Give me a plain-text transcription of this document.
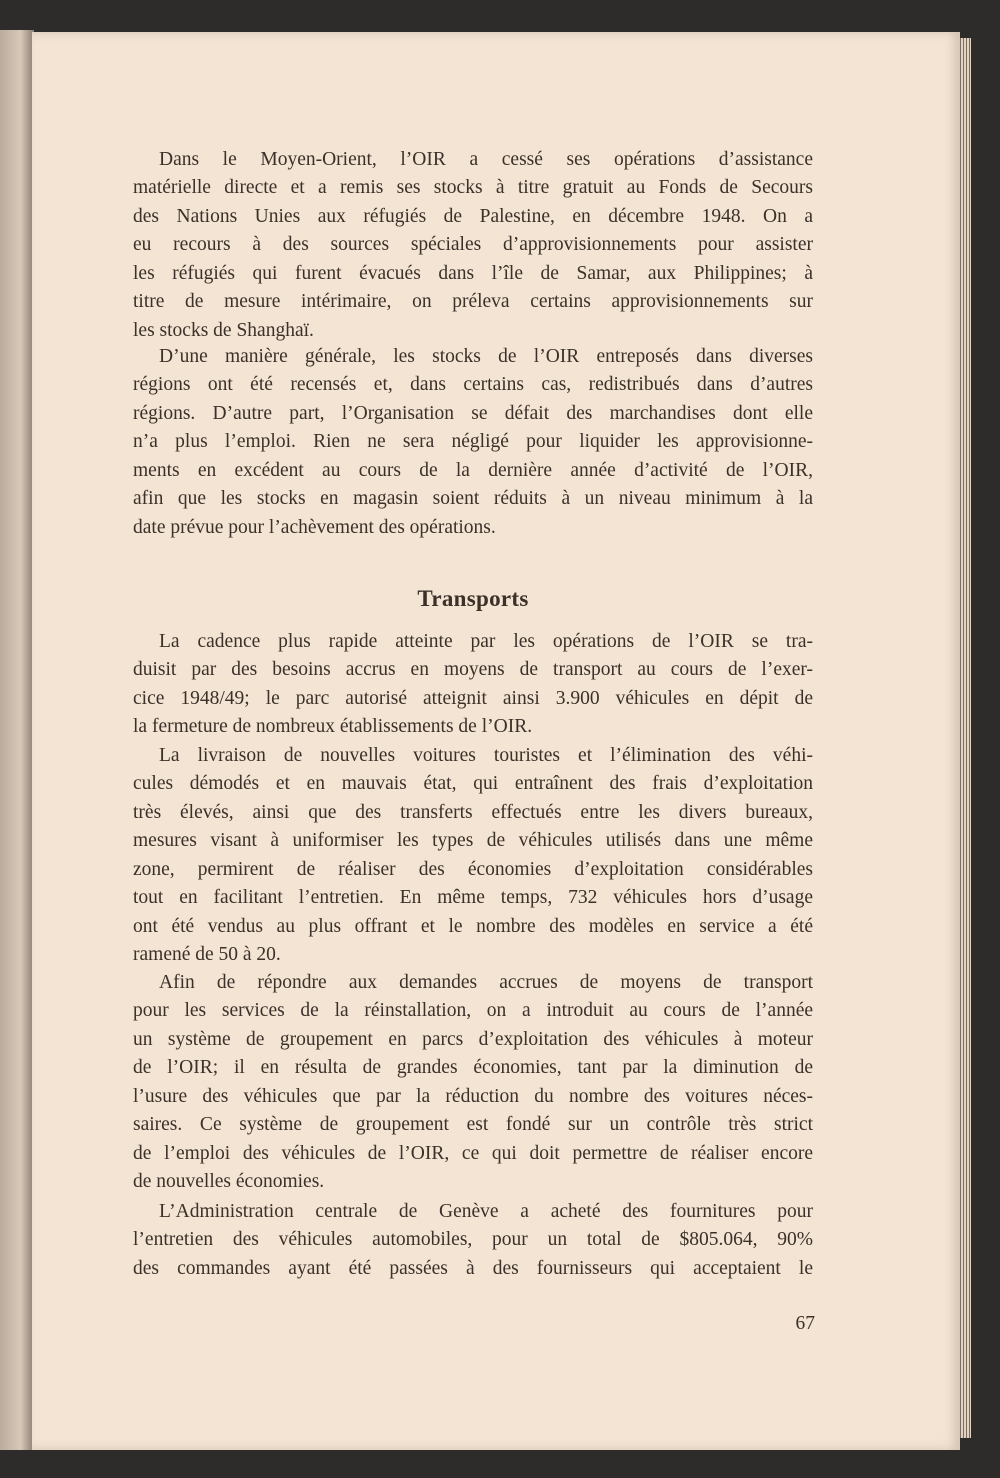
Dans le Moyen-Orient, l’OIR a cessé ses opérations d’assistance
matérielle directe et a remis ses stocks à titre gratuit au Fonds de Secours
des Nations Unies aux réfugiés de Palestine, en décembre 1948. On a
eu recours à des sources spéciales d’approvisionnements pour assister
les réfugiés qui furent évacués dans l’île de Samar, aux Philippines; à
titre de mesure intérimaire, on préleva certains approvisionnements sur
les stocks de Shanghaï.
D’une manière générale, les stocks de l’OIR entreposés dans diverses
régions ont été recensés et, dans certains cas, redistribués dans d’autres
régions. D’autre part, l’Organisation se défait des marchandises dont elle
n’a plus l’emploi. Rien ne sera négligé pour liquider les approvisionne-
ments en excédent au cours de la dernière année d’activité de l’OIR,
afin que les stocks en magasin soient réduits à un niveau minimum à la
date prévue pour l’achèvement des opérations.
Transports
La cadence plus rapide atteinte par les opérations de l’OIR se tra-
duisit par des besoins accrus en moyens de transport au cours de l’exer-
cice 1948/49; le parc autorisé atteignit ainsi 3.900 véhicules en dépit de
la fermeture de nombreux établissements de l’OIR.
La livraison de nouvelles voitures touristes et l’élimination des véhi-
cules démodés et en mauvais état, qui entraînent des frais d’exploitation
très élevés, ainsi que des transferts effectués entre les divers bureaux,
mesures visant à uniformiser les types de véhicules utilisés dans une même
zone, permirent de réaliser des économies d’exploitation considérables
tout en facilitant l’entretien. En même temps, 732 véhicules hors d’usage
ont été vendus au plus offrant et le nombre des modèles en service a été
ramené de 50 à 20.
Afin de répondre aux demandes accrues de moyens de transport
pour les services de la réinstallation, on a introduit au cours de l’année
un système de groupement en parcs d’exploitation des véhicules à moteur
de l’OIR; il en résulta de grandes économies, tant par la diminution de
l’usure des véhicules que par la réduction du nombre des voitures néces-
saires. Ce système de groupement est fondé sur un contrôle très strict
de l’emploi des véhicules de l’OIR, ce qui doit permettre de réaliser encore
de nouvelles économies.
L’Administration centrale de Genève a acheté des fournitures pour
l’entretien des véhicules automobiles, pour un total de $805.064, 90%
des commandes ayant été passées à des fournisseurs qui acceptaient le
67
